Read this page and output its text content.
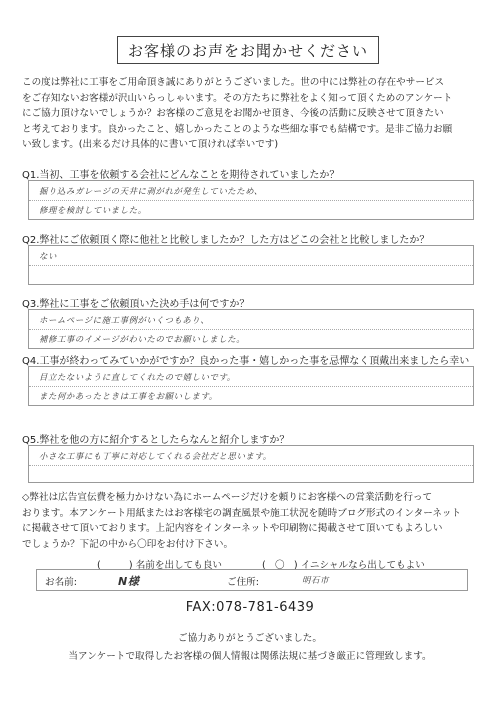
お客様のお声をお聞かせください

この度は弊社に工事をご用命頂き誠にありがとうございました。世の中には弊社の存在やサービス

をご存知ないお客様が沢山いらっしゃいます。その方たちに弊社をよく知って頂くためのアンケート

にご協力頂けないでしょうか？お客様のご意見をお聞かせ頂き、今後の活動に反映させて頂きたい

と考えております。良かったこと、嬉しかったことのような些細な事でも結構です。是非ご協力お願

い致します。(出来るだけ具体的に書いて頂ければ幸いです)

Q1.当初、工事を依頼する会社にどんなことを期待されていましたか？
掘り込みガレージの天井に剥がれが発生していたため、
修理を検討していました。
Q2.弊社にご依頼頂く際に他社と比較しましたか？した方はどこの会社と比較しましたか？
ない
Q3.弊社に工事をご依頼頂いた決め手は何ですか？
ホームページに施工事例がいくつもあり、
補修工事のイメージがわいたのでお願いしました。
Q4.工事が終わってみていかがですか？良かった事・嬉しかった事を忌憚なく頂戴出来ましたら幸い
目立たないように直してくれたので嬉しいです。
また何かあったときは工事をお願いします。
Q5.弊社を他の方に紹介するとしたらなんと紹介しますか？
小さな工事にも丁寧に対応してくれる会社だと思います。

◇弊社は広告宣伝費を極力かけない為にホームページだけを頼りにお客様への営業活動を行って

おります。本アンケート用紙またはお客様宅の調査風景や施工状況を随時ブログ形式のインターネット

に掲載させて頂いております。上記内容をインターネットや印刷物に掲載させて頂いてもよろしい

でしょうか？下記の中から〇印をお付け下さい。

(	) 名前を出しても良い	( 〇 ) イニシャルなら出してもよい
お名前:	N様	ご住所:	明石市
FAX:078-781-6439
ご協力ありがとうございました。
当アンケートで取得したお客様の個人情報は関係法規に基づき厳正に管理致します。
